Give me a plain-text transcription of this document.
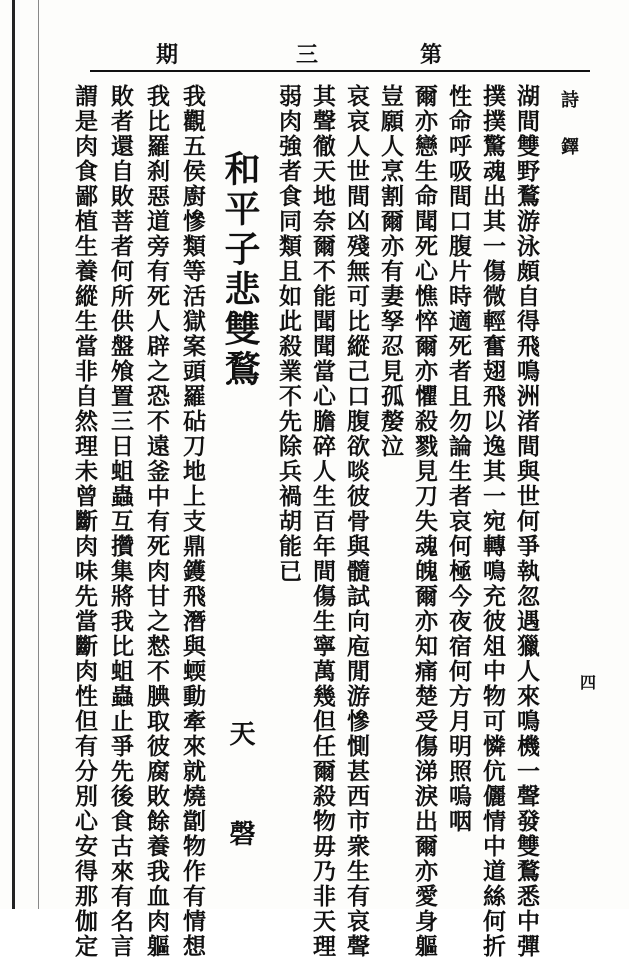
期	三	第
詩 鐸
四
湖間雙野鶩游泳頗自得飛鳴洲渚間與世何爭執忽遇獵人來鳴機一聲發雙鶩悉中彈
撲撲驚魂出其一傷微輕奮翅飛以逸其一宛轉鳴充彼俎中物可憐伉儷情中道絲何折
性命呼吸間口腹片時適死者且勿論生者哀何極今夜宿何方月明照嗚咽
爾亦戀生命聞死心憔悴爾亦懼殺戮見刀失魂魄爾亦知痛楚受傷涕淚出爾亦愛身軀
豈願人烹割爾亦有妻孥忍見孤嫠泣
哀哀人世間凶殘無可比縱己口腹欲啖彼骨與髓試向庖閒游慘惻甚西市衆生有哀聲
其聲徹天地奈爾不能聞聞當心膽碎人生百年間傷生寧萬幾但任爾殺物毋乃非天理
弱肉強者食同類且如此殺業不先除兵禍胡能已
和平子悲雙鶩
天 磬
我觀五侯廚慘類等活獄案頭羅砧刀地上支鼎鑊飛潛與蝡動牽來就燒劏物作有情想
我比羅刹惡道旁有死人辟之恐不遠釜中有死肉甘之慭不腆取彼腐敗餘養我血肉軀
敗者還自敗菩者何所供盤飧置三日蛆蟲互攢集將我比蛆蟲止爭先後食古來有名言
謂是肉食鄙植生養縱生當非自然理未曾斷肉味先當斷肉性但有分別心安得那伽定
